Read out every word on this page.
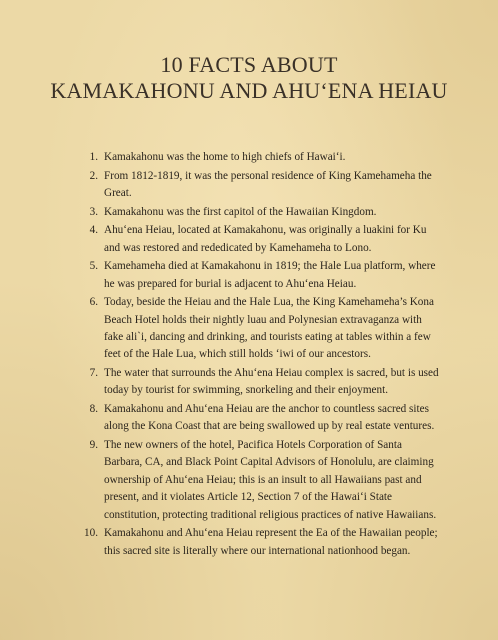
10 FACTS ABOUT
KAMAKAHONU AND AHU‘ENA HEIAU
1. Kamakahonu was the home to high chiefs of Hawai‘i.
2. From 1812-1819, it was the personal residence of King Kamehameha the Great.
3. Kamakahonu was the first capitol of the Hawaiian Kingdom.
4. Ahu‘ena Heiau, located at Kamakahonu, was originally a luakini for Ku and was restored and rededicated by Kamehameha to Lono.
5. Kamehameha died at Kamakahonu in 1819; the Hale Lua platform, where he was prepared for burial is adjacent to Ahu‘ena Heiau.
6. Today, beside the Heiau and the Hale Lua, the King Kamehameha’s Kona Beach Hotel holds their nightly luau and Polynesian extravaganza with fake ali`i, dancing and drinking, and tourists eating at tables within a few feet of the Hale Lua, which still holds ‘iwi of our ancestors.
7. The water that surrounds the Ahu‘ena Heiau complex is sacred, but is used today by tourist for swimming, snorkeling and their enjoyment.
8. Kamakahonu and Ahu‘ena Heiau are the anchor to countless sacred sites along the Kona Coast that are being swallowed up by real estate ventures.
9. The new owners of the hotel, Pacifica Hotels Corporation of Santa Barbara, CA, and Black Point Capital Advisors of Honolulu, are claiming ownership of Ahu‘ena Heiau; this is an insult to all Hawaiians past and present, and it violates Article 12, Section 7 of the Hawai‘i State constitution, protecting traditional religious practices of native Hawaiians.
10. Kamakahonu and Ahu‘ena Heiau represent the Ea of the Hawaiian people; this sacred site is literally where our international nationhood began.
